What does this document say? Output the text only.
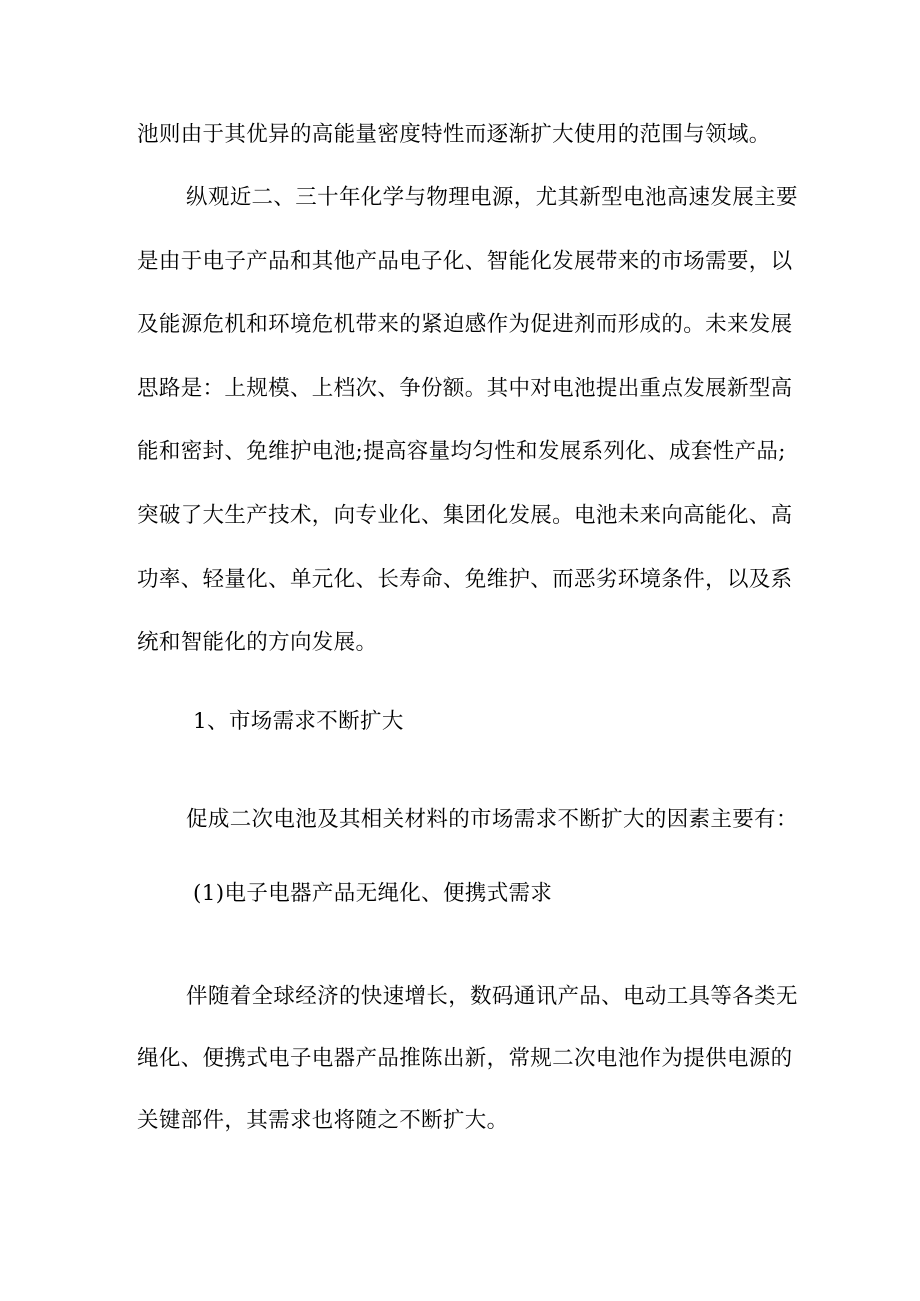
池则由于其优异的高能量密度特性而逐渐扩大使用的范围与领域。
纵观近二、三十年化学与物理电源，尤其新型电池高速发展主要
是由于电子产品和其他产品电子化、智能化发展带来的市场需要，以
及能源危机和环境危机带来的紧迫感作为促进剂而形成的。未来发展
思路是：上规模、上档次、争份额。其中对电池提出重点发展新型高
能和密封、免维护电池;提高容量均匀性和发展系列化、成套性产品;
突破了大生产技术，向专业化、集团化发展。电池未来向高能化、高
功率、轻量化、单元化、长寿命、免维护、而恶劣环境条件，以及系
统和智能化的方向发展。
1、市场需求不断扩大
促成二次电池及其相关材料的市场需求不断扩大的因素主要有：
(1)电子电器产品无绳化、便携式需求
伴随着全球经济的快速增长，数码通讯产品、电动工具等各类无
绳化、便携式电子电器产品推陈出新，常规二次电池作为提供电源的
关键部件，其需求也将随之不断扩大。
